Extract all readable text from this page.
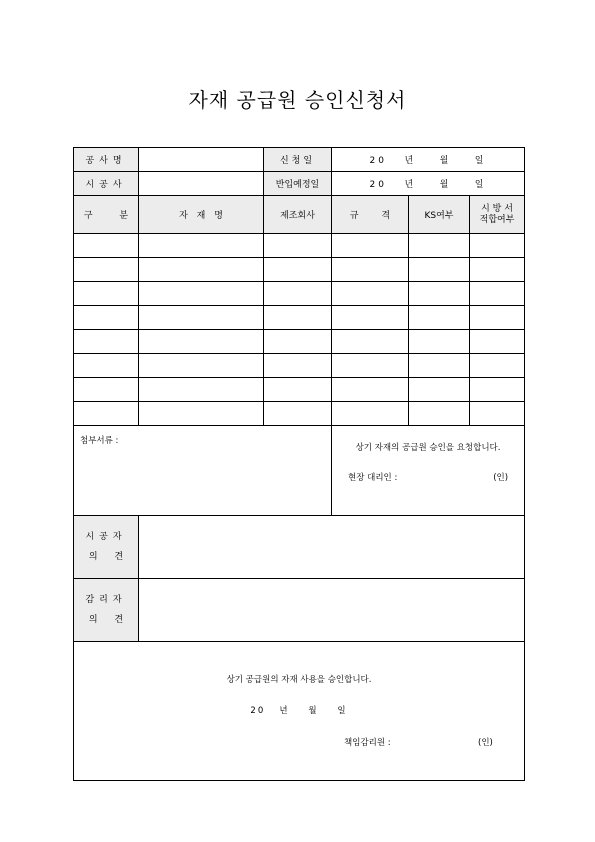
자재 공급원 승인신청서
공사명		신청일	20   년    월    일		
시공사		반입예정일	20   년    월    일		
구 분	자 재 명	제조회사	규 격	KS여부	시 방 서
적합여부

첨부서류 :			상기 자재의 공급원 승인을 요청합니다.
현장 대리인 : (인)		

시공자
의 견					
감리자
의 견					

상기 공급원의 자재 사용을 승인합니다.
20   년    월    일
책임감리원 : (인)					
